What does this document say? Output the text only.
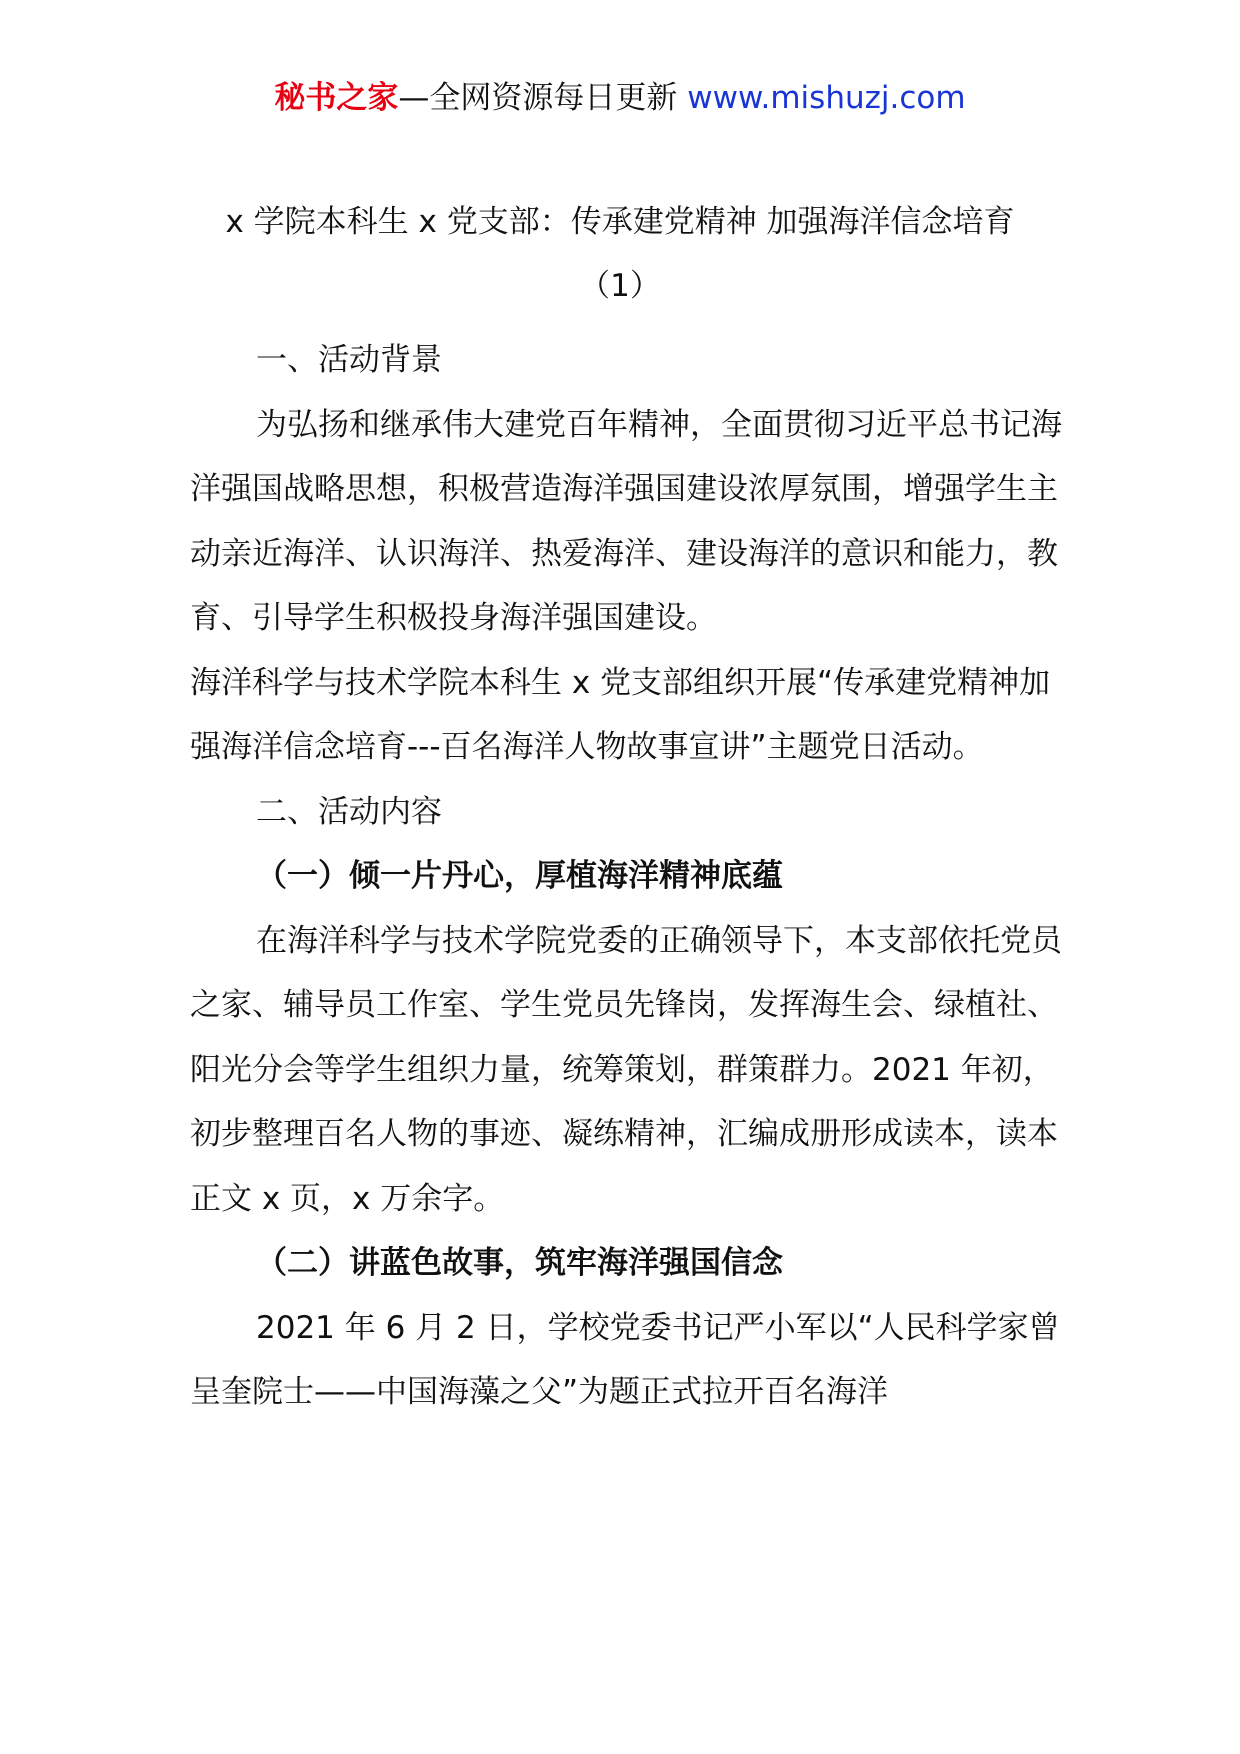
秘书之家—全网资源每日更新 www.mishuzj.com
x 学院本科生 x 党支部：传承建党精神 加强海洋信念培育
（1）

一、活动背景

为弘扬和继承伟大建党百年精神，全面贯彻习近平总书记海洋强国战略思想，积极营造海洋强国建设浓厚氛围，增强学生主动亲近海洋、认识海洋、热爱海洋、建设海洋的意识和能力，教育、引导学生积极投身海洋强国建设。

海洋科学与技术学院本科生 x 党支部组织开展“传承建党精神加强海洋信念培育---百名海洋人物故事宣讲”主题党日活动。

二、活动内容

（一）倾一片丹心，厚植海洋精神底蕴

在海洋科学与技术学院党委的正确领导下，本支部依托党员之家、辅导员工作室、学生党员先锋岗，发挥海生会、绿植社、阳光分会等学生组织力量，统筹策划，群策群力。2021 年初，初步整理百名人物的事迹、凝练精神，汇编成册形成读本，读本正文 x 页，x 万余字。

（二）讲蓝色故事，筑牢海洋强国信念

2021 年 6 月 2 日，学校党委书记严小军以“人民科学家曾呈奎院士——中国海藻之父”为题正式拉开百名海洋
